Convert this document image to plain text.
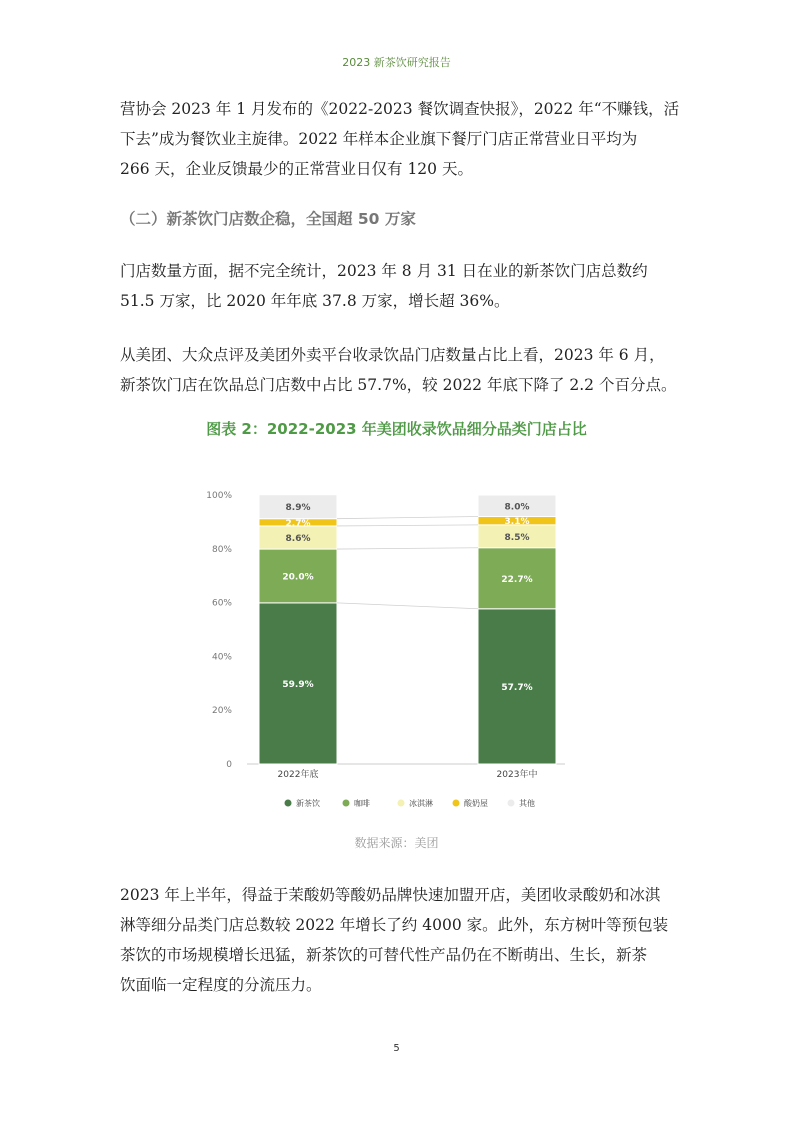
2023 新茶饮研究报告

营协会 2023 年 1 月发布的《2022-2023 餐饮调查快报》，2022 年“不赚钱，活
下去”成为餐饮业主旋律。2022 年样本企业旗下餐厅门店正常营业日平均为
266 天，企业反馈最少的正常营业日仅有 120 天。

（二）新茶饮门店数企稳，全国超 50 万家

门店数量方面，据不完全统计，2023 年 8 月 31 日在业的新茶饮门店总数约
51.5 万家，比 2020 年年底 37.8 万家，增长超 36%。

从美团、大众点评及美团外卖平台收录饮品门店数量占比上看，2023 年 6 月，
新茶饮门店在饮品总门店数中占比 57.7%，较 2022 年底下降了 2.2 个百分点。

图表 2：2022-2023 年美团收录饮品细分品类门店占比
0
20%
40%
60%
80%
100%
59.9%
20.0%
8.6%
2.7%
8.9%
2022年底
57.7%
22.7%
8.5%
3.1%
8.0%
2023年中
新茶饮	咖啡	冰淇淋	酸奶屋	其他
数据来源：美团

2023 年上半年，得益于茉酸奶等酸奶品牌快速加盟开店，美团收录酸奶和冰淇
淋等细分品类门店总数较 2022 年增长了约 4000 家。此外，东方树叶等预包装
茶饮的市场规模增长迅猛，新茶饮的可替代性产品仍在不断萌出、生长，新茶
饮面临一定程度的分流压力。

5
